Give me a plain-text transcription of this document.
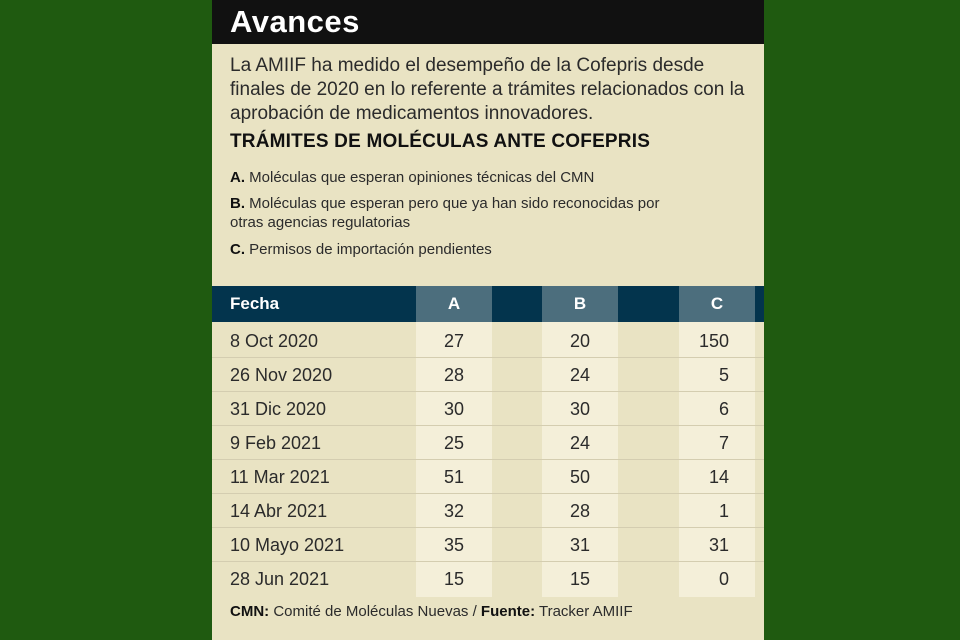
Avances
La AMIIF ha medido el desempeño de la Cofepris desde finales de 2020 en lo referente a trámites relacionados con la aprobación de medicamentos innovadores.
TRÁMITES DE MOLÉCULAS ANTE COFEPRIS
A. Moléculas que esperan opiniones técnicas del CMN
B. Moléculas que esperan pero que ya han sido reconocidas por otras agencias regulatorias
C. Permisos de importación pendientes
Fecha	A	B	C
8 Oct 2020	27	20	150
26 Nov 2020	28	24	5
31 Dic 2020	30	30	6
9 Feb 2021	25	24	7
11 Mar 2021	51	50	14
14 Abr 2021	32	28	1
10 Mayo 2021	35	31	31
28 Jun 2021	15	15	0
CMN: Comité de Moléculas Nuevas / Fuente: Tracker AMIIF
